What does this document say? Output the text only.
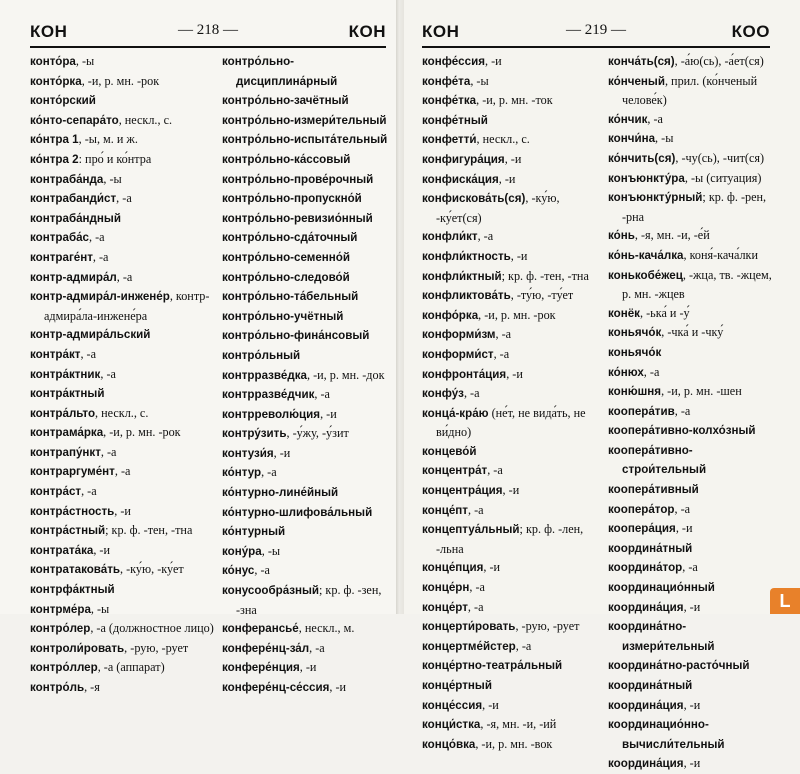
КОН	— 218 —	КОН

конто́ра, -ы

конто́рка, -и, р. мн. -рок

конто́рский

ко́нто-сепара́то, нескл., с.

ко́нтра 1, -ы, м. и ж.

ко́нтра 2: про́ и ко́нтра

контраба́нда, -ы

контрабанди́ст, -а

контраба́ндный

контраба́с, -а

контраге́нт, -а

контр-адмира́л, -а

контр-адмира́л-инжене́р, контр-адмира́ла-инжене́ра

контр-адмира́льский

контра́кт, -а

контра́ктник, -а

контра́ктный

контра́льто, нескл., с.

контрама́рка, -и, р. мн. -рок

контрапу́нкт, -а

контраргуме́нт, -а

контра́ст, -а

контра́стность, -и

контра́стный; кр. ф. -тен, -тна

контрата́ка, -и

контратакова́ть, -ку́ю, -ку́ет

контрфа́ктный

контрме́ра, -ы

контро́лер, -а (должностное лицо)

контроли́ровать, -рую, -рует

контро́ллер, -а (аппарат)

контро́ль, -я

контро́льно-дисциплина́рный

контро́льно-зачётный

контро́льно-измери́тельный

контро́льно-испыта́тельный

контро́льно-ка́ссовый

контро́льно-прове́рочный

контро́льно-пропускно́й

контро́льно-ревизио́нный

контро́льно-сда́точный

контро́льно-семенно́й

контро́льно-следово́й

контро́льно-та́бельный

контро́льно-учётный

контро́льно-фина́нсовый

контро́льный

контрразве́дка, -и, р. мн. -док

контрразве́дчик, -а

контрреволю́ция, -и

контру́зить, -у́жу, -у́зит

контузи́я, -и

ко́нтур, -а

ко́нтурно-лине́йный

ко́нтурно-шлифова́льный

ко́нтурный

кону́ра, -ы

ко́нус, -а

конусообра́зный; кр. ф. -зен, -зна

конферансье́, нескл., м.

конфере́нц-за́л, -а

конфере́нция, -и

конфере́нц-се́ссия, -и

КОН	— 219 —	КОО

конфе́ссия, -и

конфе́та, -ы

конфе́тка, -и, р. мн. -ток

конфе́тный

конфетти́, нескл., с.

конфигура́ция, -и

конфиска́ция, -и

конфискова́ть(ся), -ку́ю, -ку́ет(ся)

конфли́кт, -а

конфли́ктность, -и

конфли́ктный; кр. ф. -тен, -тна

конфликтова́ть, -ту́ю, -ту́ет

конфо́рка, -и, р. мн. -рок

конформи́зм, -а

конформи́ст, -а

конфронта́ция, -и

конфу́з, -а

конца́-кра́ю (не́т, не вида́ть, не ви́дно)

концево́й

концентра́т, -а

концентра́ция, -и

конце́пт, -а

концептуа́льный; кр. ф. -лен, -льна

конце́пция, -и

конце́рн, -а

конце́рт, -а

концерти́ровать, -рую, -рует

концертме́йстер, -а

конце́ртно-театра́льный

конце́ртный

конце́ссия, -и

конци́стка, -я, мн. -и, -ий

концо́вка, -и, р. мн. -вок

конча́ть(ся), -а́ю(сь), -а́ет(ся)

ко́нченый, прил. (ко́нченый челове́к)

ко́нчик, -а

кончи́на, -ы

ко́нчить(ся), -чу(сь), -чит(ся)

конъюнкту́ра, -ы (ситуация)

конъюнкту́рный; кр. ф. -рен, -рна

ко́нь, -я, мн. -и, -е́й

ко́нь-кача́лка, коня́-кача́лки

конькобе́жец, -жца, тв. -жцем, р. мн. -жцев

конёк, -ька́ и -у́

коньячо́к, -чка́ и -чку́

коньячо́к

ко́нюх, -а

коню́шня, -и, р. мн. -шен

коопера́тив, -а

коопера́тивно-колхо́зный

коопера́тивно-строи́тельный

коопера́тивный

коопера́тор, -а

коопера́ция, -и

координа́тный

координа́тор, -а

координацио́нный

координа́ция, -и

координа́тно-измери́тельный

координа́тно-расто́чный

координа́тный

координа́ция, -и

координацио́нно-вычисли́тельный

координа́ция, -и

L
